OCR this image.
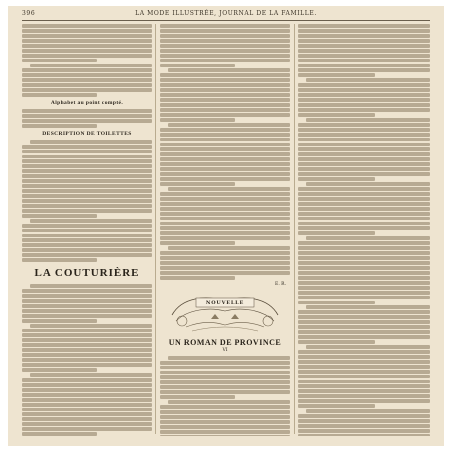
396	LA MODE ILLUSTRÉE, JOURNAL DE LA FAMILLE.
Alphabet au point compté.
DESCRIPTION DE TOILETTES
LA COUTURIÈRE
E. R.
NOUVELLE
UN ROMAN DE PROVINCE
VI
